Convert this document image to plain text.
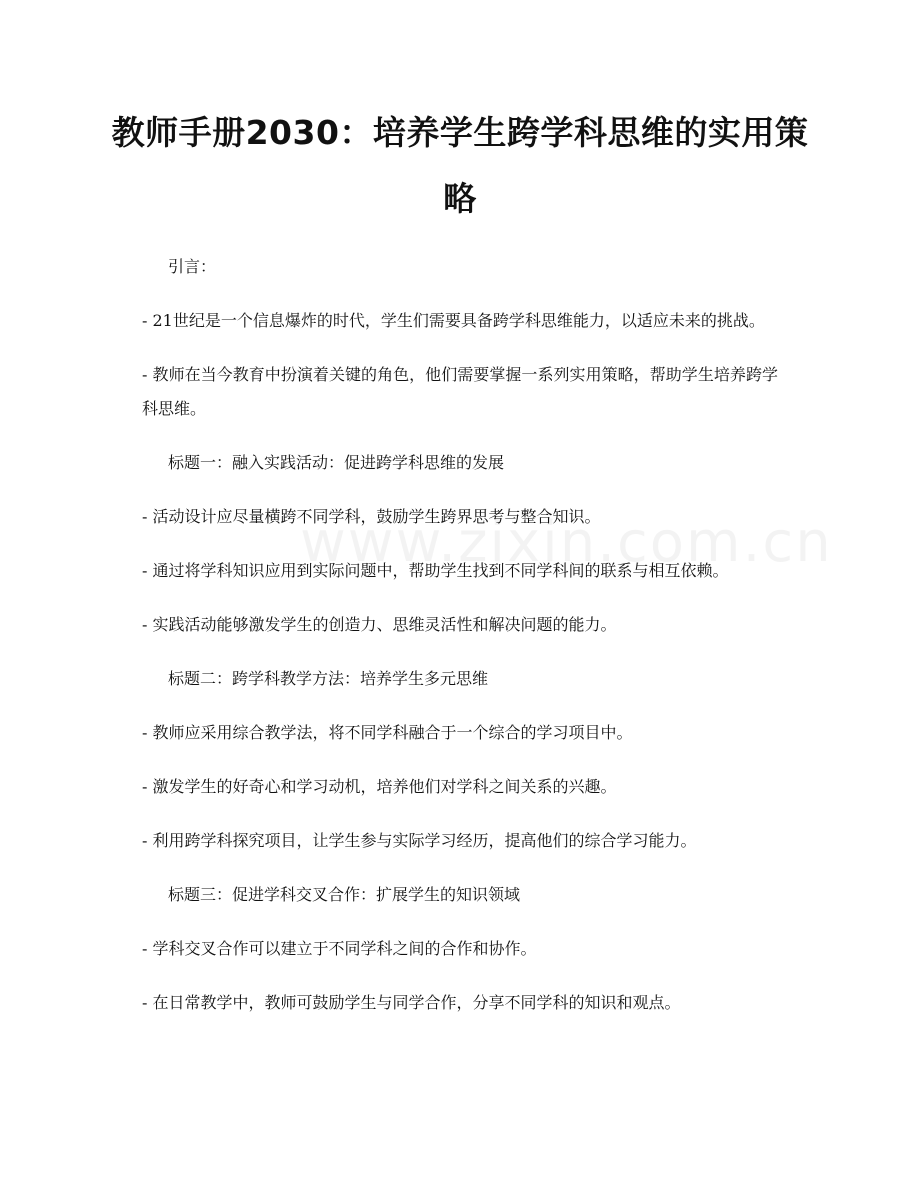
教师手册2030：培养学生跨学科思维的实用策略

引言：

- 21世纪是一个信息爆炸的时代，学生们需要具备跨学科思维能力，以适应未来的挑战。

- 教师在当今教育中扮演着关键的角色，他们需要掌握一系列实用策略，帮助学生培养跨学科思维。

标题一：融入实践活动：促进跨学科思维的发展

- 活动设计应尽量横跨不同学科，鼓励学生跨界思考与整合知识。

- 通过将学科知识应用到实际问题中，帮助学生找到不同学科间的联系与相互依赖。

- 实践活动能够激发学生的创造力、思维灵活性和解决问题的能力。

标题二：跨学科教学方法：培养学生多元思维

- 教师应采用综合教学法，将不同学科融合于一个综合的学习项目中。

- 激发学生的好奇心和学习动机，培养他们对学科之间关系的兴趣。

- 利用跨学科探究项目，让学生参与实际学习经历，提高他们的综合学习能力。

标题三：促进学科交叉合作：扩展学生的知识领域

- 学科交叉合作可以建立于不同学科之间的合作和协作。

- 在日常教学中，教师可鼓励学生与同学合作，分享不同学科的知识和观点。
